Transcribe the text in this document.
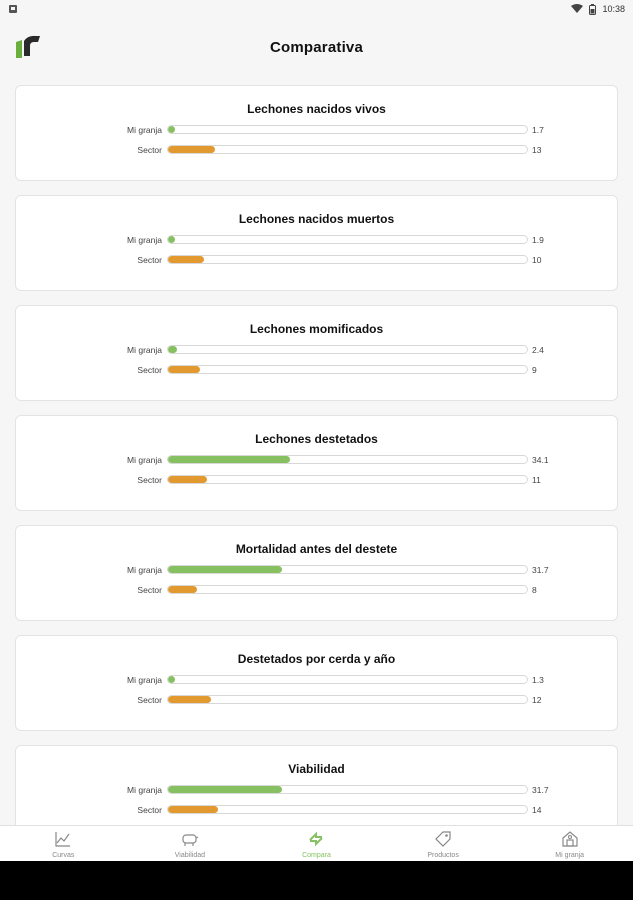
10:38
Comparativa
Lechones nacidos vivos
Mi granja	1.7
Sector	13
Lechones nacidos muertos
Mi granja	1.9
Sector	10
Lechones momificados
Mi granja	2.4
Sector	9
Lechones destetados
Mi granja	34.1
Sector	11
Mortalidad antes del destete
Mi granja	31.7
Sector	8
Destetados por cerda y año
Mi granja	1.3
Sector	12
Viabilidad
Mi granja	31.7
Sector	14
Curvas	Viabilidad	Compara	Productos	Mi granja
